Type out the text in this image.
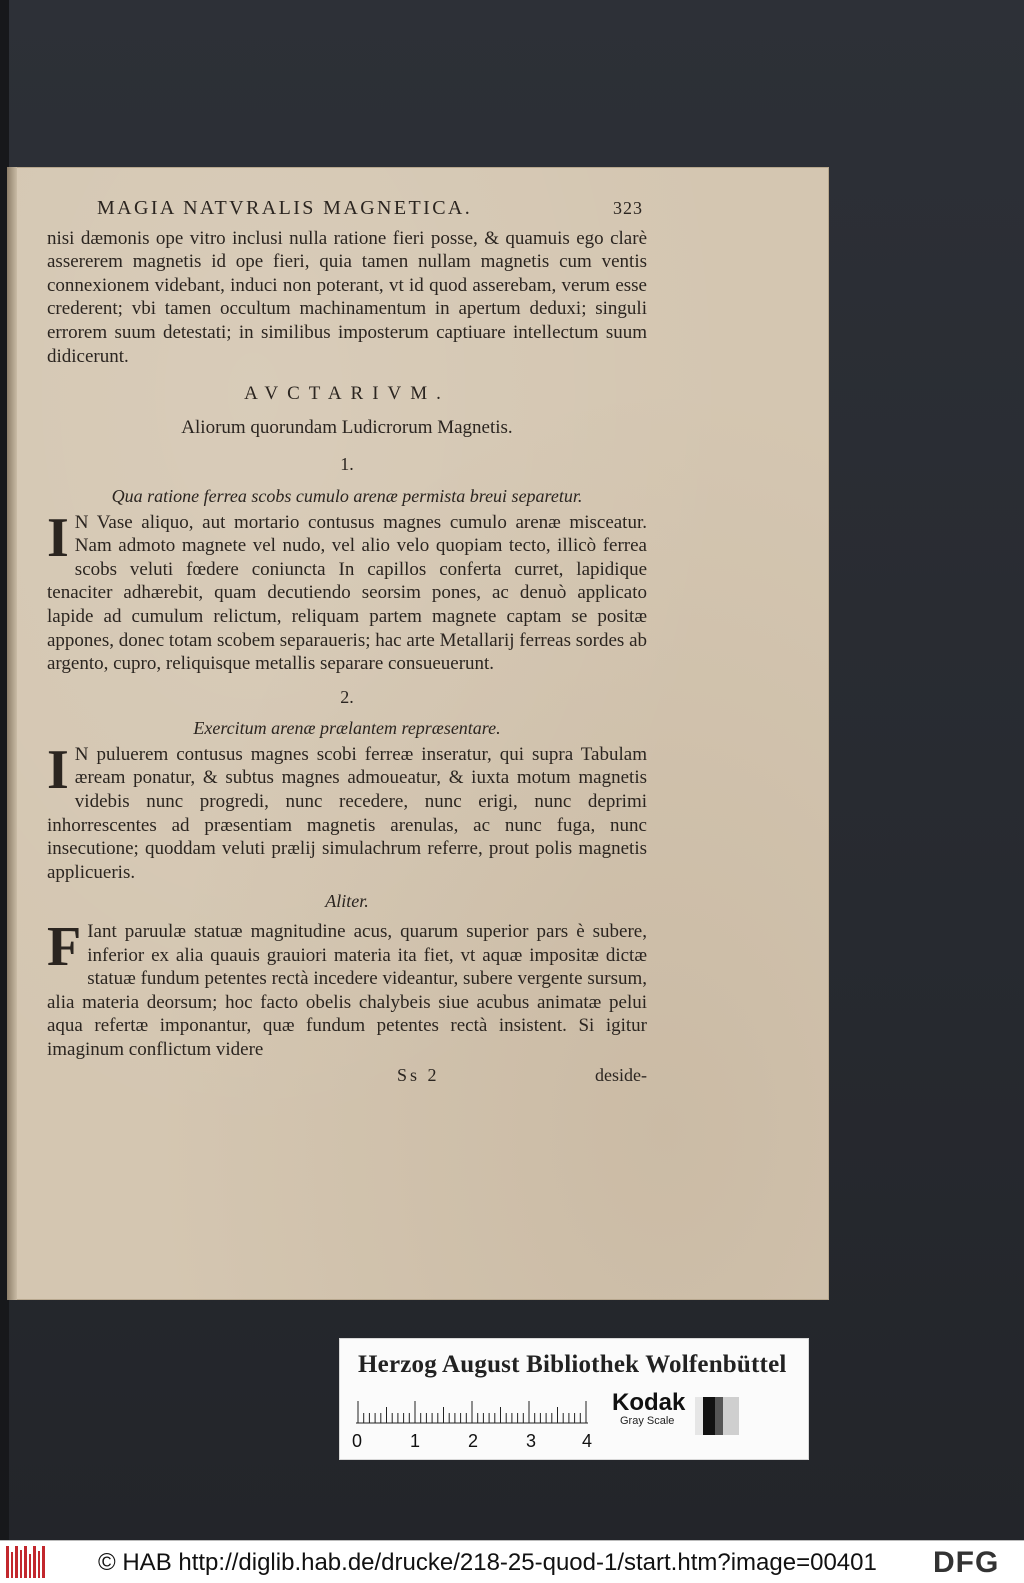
MAGIA NATVRALIS MAGNETICA.	323

nisi dæmonis ope vitro inclusi nulla ratione fieri posse, & quamuis ego clarè assererem magnetis id ope fieri, quia tamen nullam magnetis cum ventis connexionem videbant, induci non poterant, vt id quod asserebam, verum esse crederent; vbi tamen occultum machinamentum in apertum deduxi; singuli errorem suum detestati; in similibus imposterum captiuare intellectum suum didicerunt.

AVCTARIVM.
Aliorum quorundam Ludicrorum Magnetis.
1.
Qua ratione ferrea scobs cumulo arenæ permista breui separetur.

I N Vase aliquo, aut mortario contusus magnes cumulo arenæ misceatur. Nam admoto magnete vel nudo, vel alio velo quopiam tecto, illicò ferrea scobs veluti fœdere coniuncta In capillos conferta curret, lapidique tenaciter adhærebit, quam decutiendo seorsim pones, ac denuò applicato lapide ad cumulum relictum, reliquam partem magnete captam se positæ appones, donec totam scobem separaueris; hac arte Metallarij ferreas sordes ab argento, cupro, reliquisque metallis separare consueuerunt.

2.
Exercitum arenæ prælantem repræsentare.

I N puluerem contusus magnes scobi ferreæ inseratur, qui supra Tabulam æream ponatur, & subtus magnes admoueatur, & iuxta motum magnetis videbis nunc progredi, nunc recedere, nunc erigi, nunc deprimi inhorrescentes ad præsentiam magnetis arenulas, ac nunc fuga, nunc insecutione; quoddam veluti prælij simulachrum referre, prout polis magnetis applicueris.

Aliter.

F Iant paruulæ statuæ magnitudine acus, quarum superior pars è subere, inferior ex alia quauis grauiori materia ita fiet, vt aquæ impositæ dictæ statuæ fundum petentes rectà incedere videantur, subere vergente sursum, alia materia deorsum; hoc facto obelis chalybeis siue acubus animatæ pelui aqua refertæ imponantur, quæ fundum petentes rectà insistent. Si igitur imaginum conflictum videre

Ss 2	deside-
Herzog August Bibliothek Wolfenbüttel
0	1	2	3	4
Kodak
Gray Scale
© HAB http://diglib.hab.de/drucke/218-25-quod-1/start.htm?image=00401 DFG
